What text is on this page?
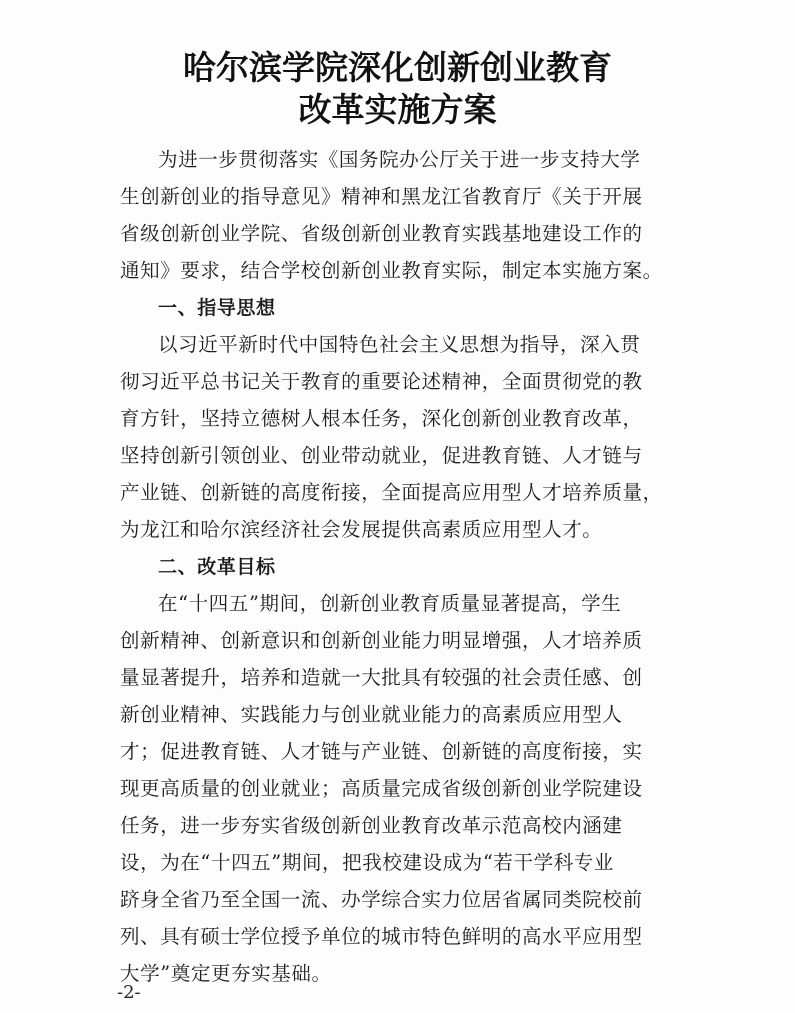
哈尔滨学院深化创新创业教育
改革实施方案
为进一步贯彻落实《国务院办公厅关于进一步支持大学
生创新创业的指导意见》精神和黑龙江省教育厅《关于开展
省级创新创业学院、省级创新创业教育实践基地建设工作的
通知》要求，结合学校创新创业教育实际，制定本实施方案。
一、指导思想
以习近平新时代中国特色社会主义思想为指导，深入贯
彻习近平总书记关于教育的重要论述精神，全面贯彻党的教
育方针，坚持立德树人根本任务，深化创新创业教育改革，
坚持创新引领创业、创业带动就业，促进教育链、人才链与
产业链、创新链的高度衔接，全面提高应用型人才培养质量，
为龙江和哈尔滨经济社会发展提供高素质应用型人才。
二、改革目标
在“十四五”期间，创新创业教育质量显著提高，学生
创新精神、创新意识和创新创业能力明显增强，人才培养质
量显著提升，培养和造就一大批具有较强的社会责任感、创
新创业精神、实践能力与创业就业能力的高素质应用型人
才；促进教育链、人才链与产业链、创新链的高度衔接，实
现更高质量的创业就业；高质量完成省级创新创业学院建设
任务，进一步夯实省级创新创业教育改革示范高校内涵建
设，为在“十四五”期间，把我校建设成为“若干学科专业
跻身全省乃至全国一流、办学综合实力位居省属同类院校前
列、具有硕士学位授予单位的城市特色鲜明的高水平应用型
大学”奠定更夯实基础。
-2-
